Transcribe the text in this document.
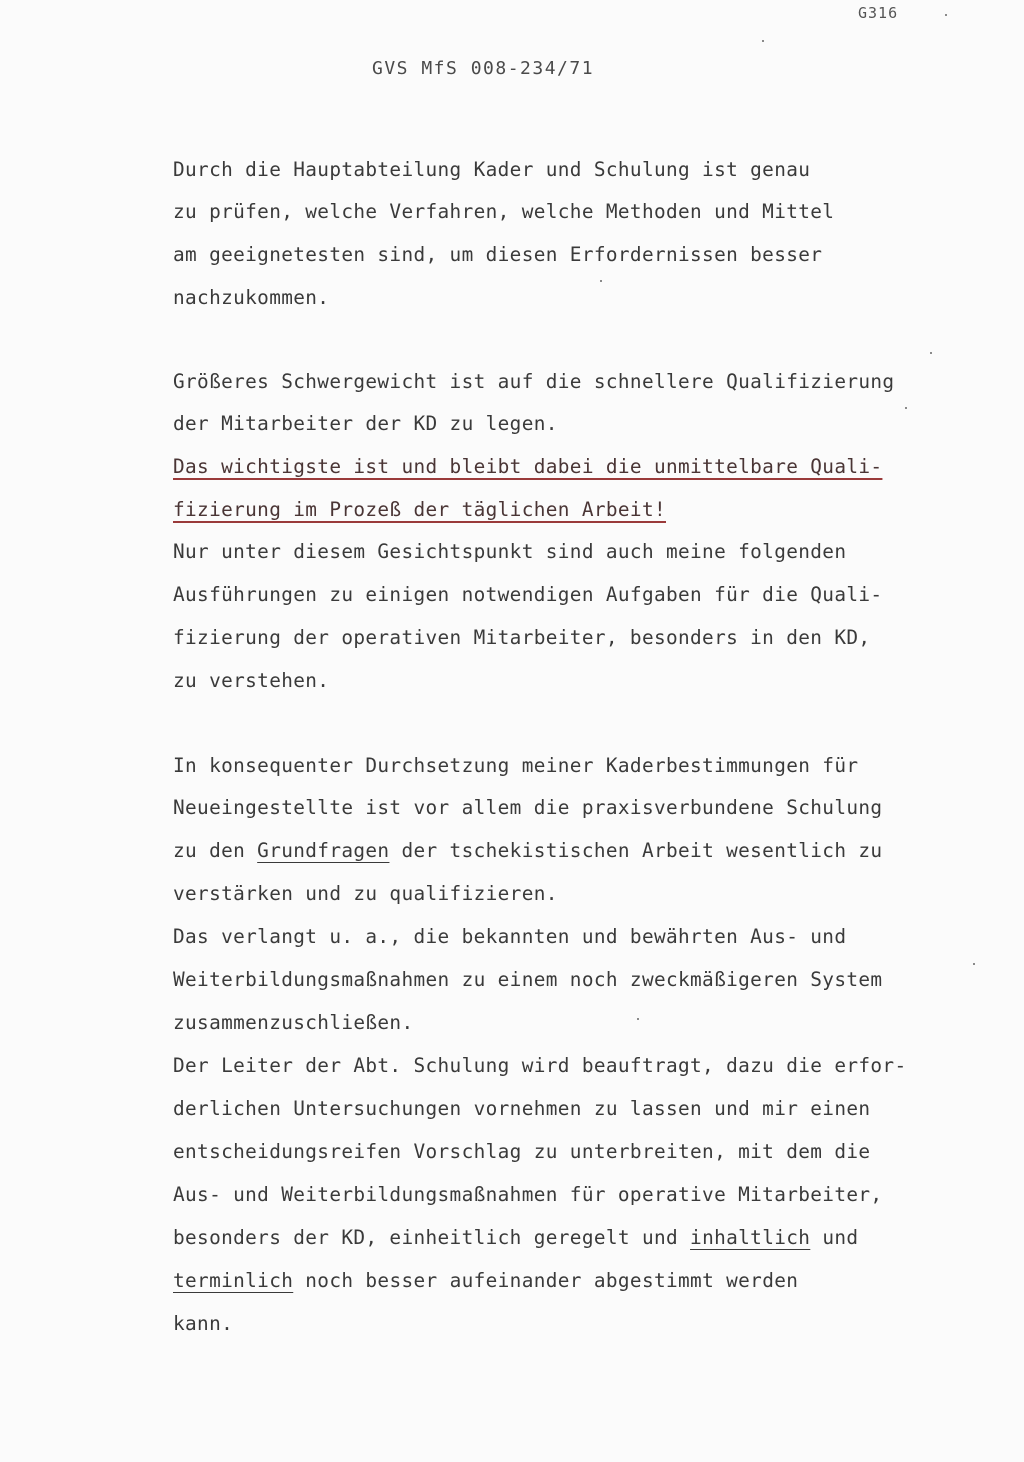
G316
GVS MfS 008-234/71
Durch die Hauptabteilung Kader und Schulung ist genau
zu prüfen, welche Verfahren, welche Methoden und Mittel
am geeignetesten sind, um diesen Erfordernissen besser
nachzukommen.
Größeres Schwergewicht ist auf die schnellere Qualifizierung
der Mitarbeiter der KD zu legen.
Das wichtigste ist und bleibt dabei die unmittelbare Quali-
fizierung im Prozeß der täglichen Arbeit!
Nur unter diesem Gesichtspunkt sind auch meine folgenden
Ausführungen zu einigen notwendigen Aufgaben für die Quali-
fizierung der operativen Mitarbeiter, besonders in den KD,
zu verstehen.
In konsequenter Durchsetzung meiner Kaderbestimmungen für
Neueingestellte ist vor allem die praxisverbundene Schulung
zu den Grundfragen der tschekistischen Arbeit wesentlich zu
verstärken und zu qualifizieren.
Das verlangt u. a., die bekannten und bewährten Aus- und
Weiterbildungsmaßnahmen zu einem noch zweckmäßigeren System
zusammenzuschließen.
Der Leiter der Abt. Schulung wird beauftragt, dazu die erfor-
derlichen Untersuchungen vornehmen zu lassen und mir einen
entscheidungsreifen Vorschlag zu unterbreiten, mit dem die
Aus- und Weiterbildungsmaßnahmen für operative Mitarbeiter,
besonders der KD, einheitlich geregelt und inhaltlich und
terminlich noch besser aufeinander abgestimmt werden
kann.
